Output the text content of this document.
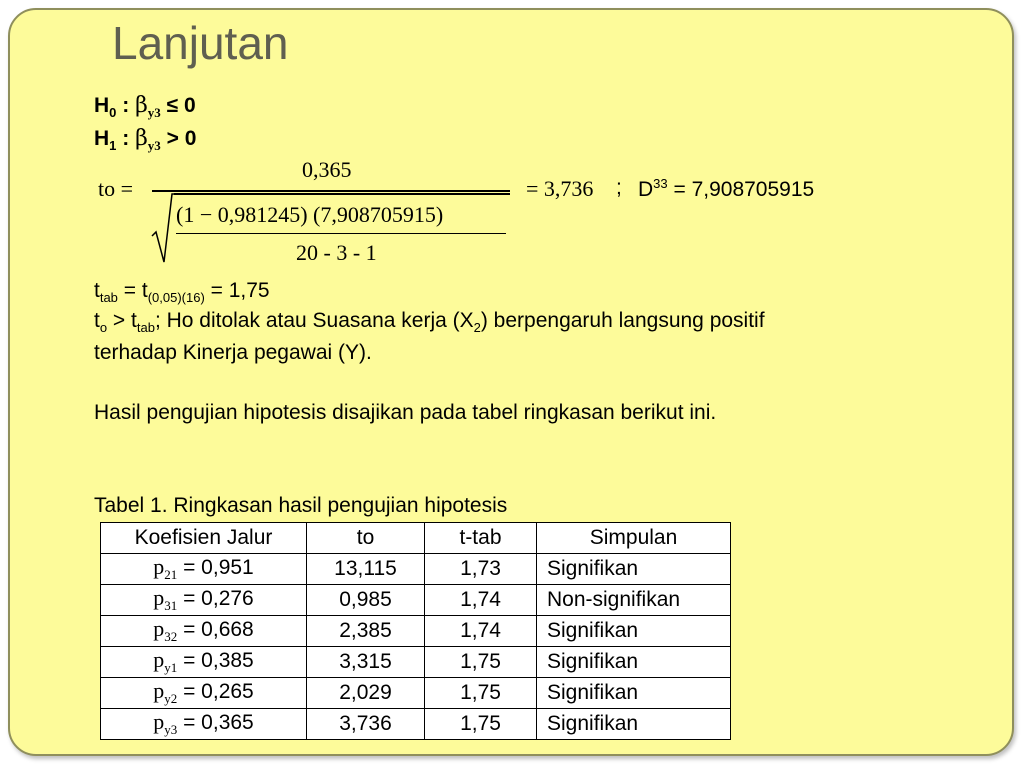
Lanjutan
$H_0$ : $\beta_{y3} \le 0$
$H_1$ : $\beta_{y3} > 0$
to =
0,365
(1 − 0,981245) (7,908705915)
20 - 3 - 1
= 3,736 ; $D^{33} = 7,908705915$
$t_{tab} = t_{(0,05)(16)} = 1,75$
$t_o > t_{tab}$; Ho ditolak atau Suasana kerja $(X_2)$ berpengaruh langsung positif
terhadap Kinerja pegawai (Y).
Hasil pengujian hipotesis disajikan pada tabel ringkasan berikut ini.
Tabel 1. Ringkasan hasil pengujian hipotesis
Koefisien Jalur	to	t-tab	Simpulan
$p_{21} = 0,951$	13,115	1,73	Signifikan
$p_{31} = 0,276$	0,985	1,74	Non-signifikan
$p_{32} = 0,668$	2,385	1,74	Signifikan
$p_{y1} = 0,385$	3,315	1,75	Signifikan
$p_{y2} = 0,265$	2,029	1,75	Signifikan
$p_{y3} = 0,365$	3,736	1,75	Signifikan
